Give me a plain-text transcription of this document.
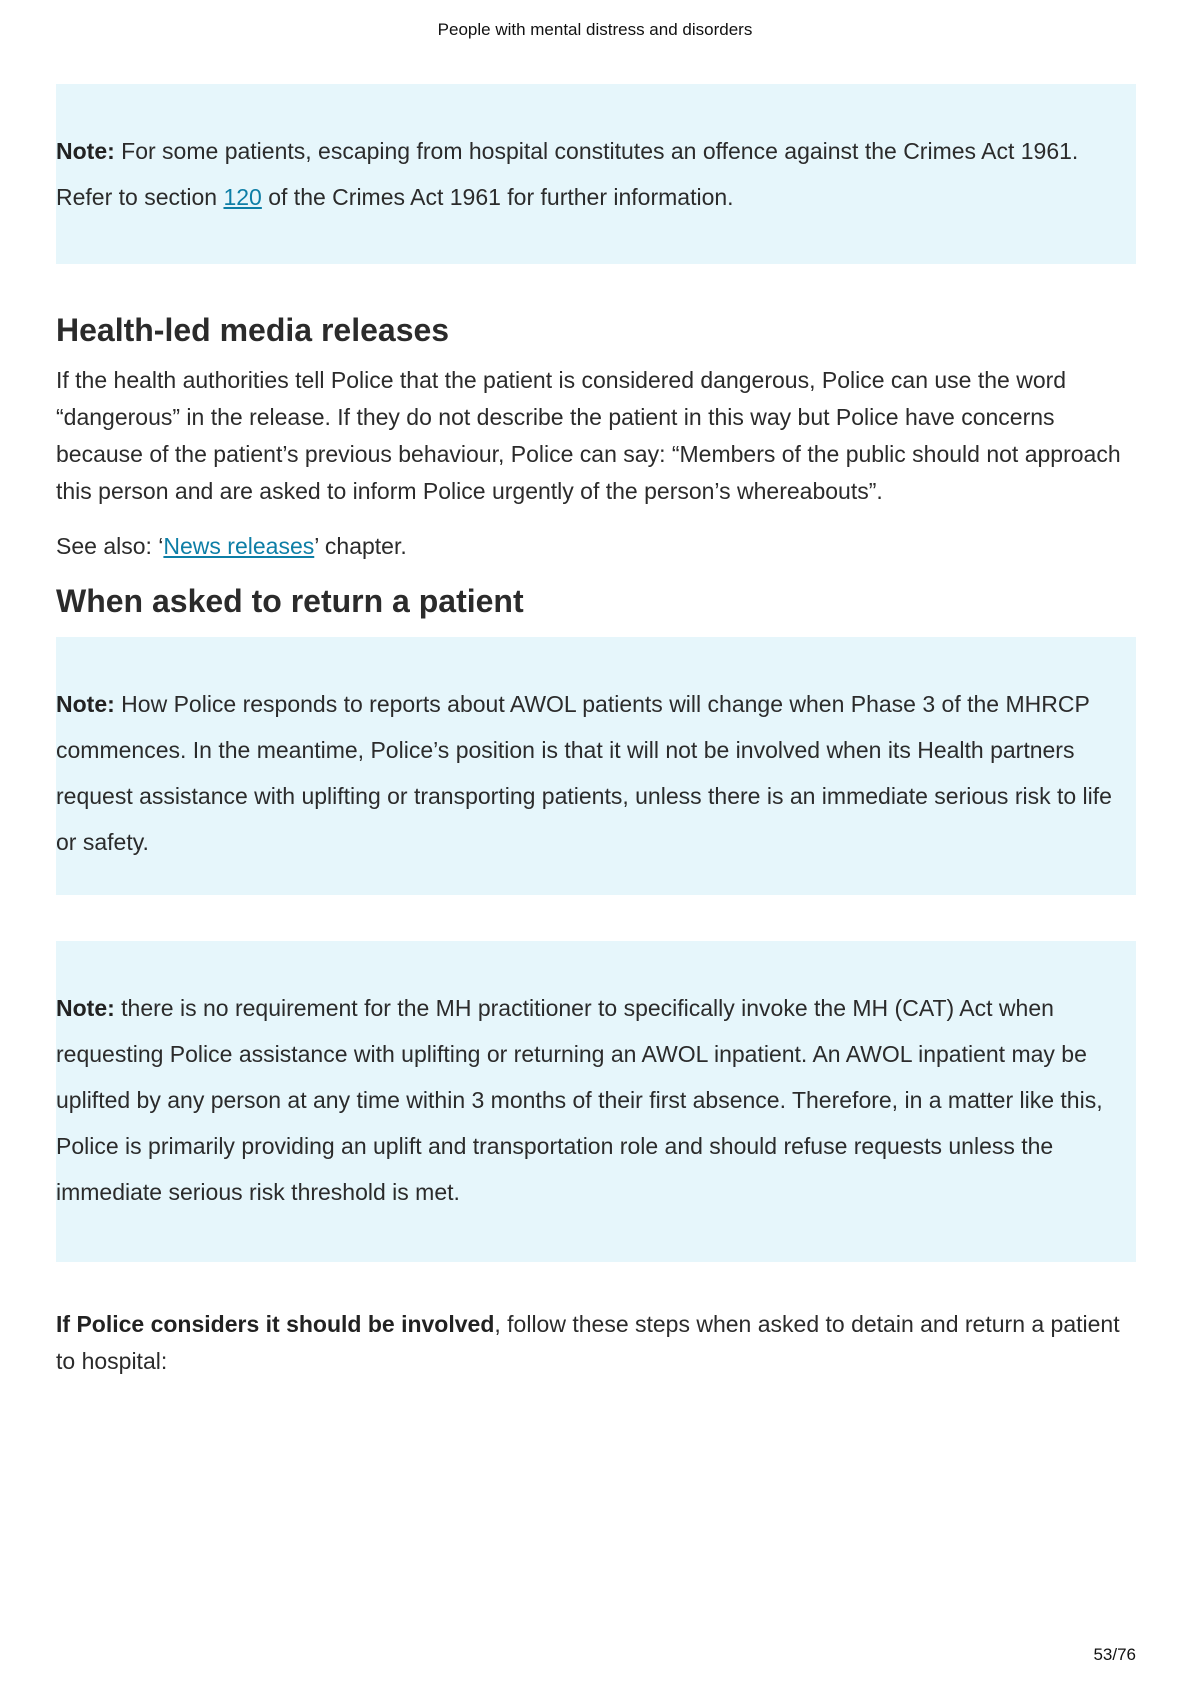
People with mental distress and disorders
Note: For some patients, escaping from hospital constitutes an offence against the Crimes Act 1961. Refer to section 120 of the Crimes Act 1961 for further information.
Health-led media releases

If the health authorities tell Police that the patient is considered dangerous, Police can use the word “dangerous” in the release. If they do not describe the patient in this way but Police have concerns because of the patient’s previous behaviour, Police can say: “Members of the public should not approach this person and are asked to inform Police urgently of the person’s whereabouts”.

See also: ‘News releases’ chapter.

When asked to return a patient
Note: How Police responds to reports about AWOL patients will change when Phase 3 of the MHRCP commences. In the meantime, Police’s position is that it will not be involved when its Health partners request assistance with uplifting or transporting patients, unless there is an immediate serious risk to life or safety.
Note: there is no requirement for the MH practitioner to specifically invoke the MH (CAT) Act when requesting Police assistance with uplifting or returning an AWOL inpatient. An AWOL inpatient may be uplifted by any person at any time within 3 months of their first absence. Therefore, in a matter like this, Police is primarily providing an uplift and transportation role and should refuse requests unless the immediate serious risk threshold is met.

If Police considers it should be involved, follow these steps when asked to detain and return a patient to hospital:

53/76
